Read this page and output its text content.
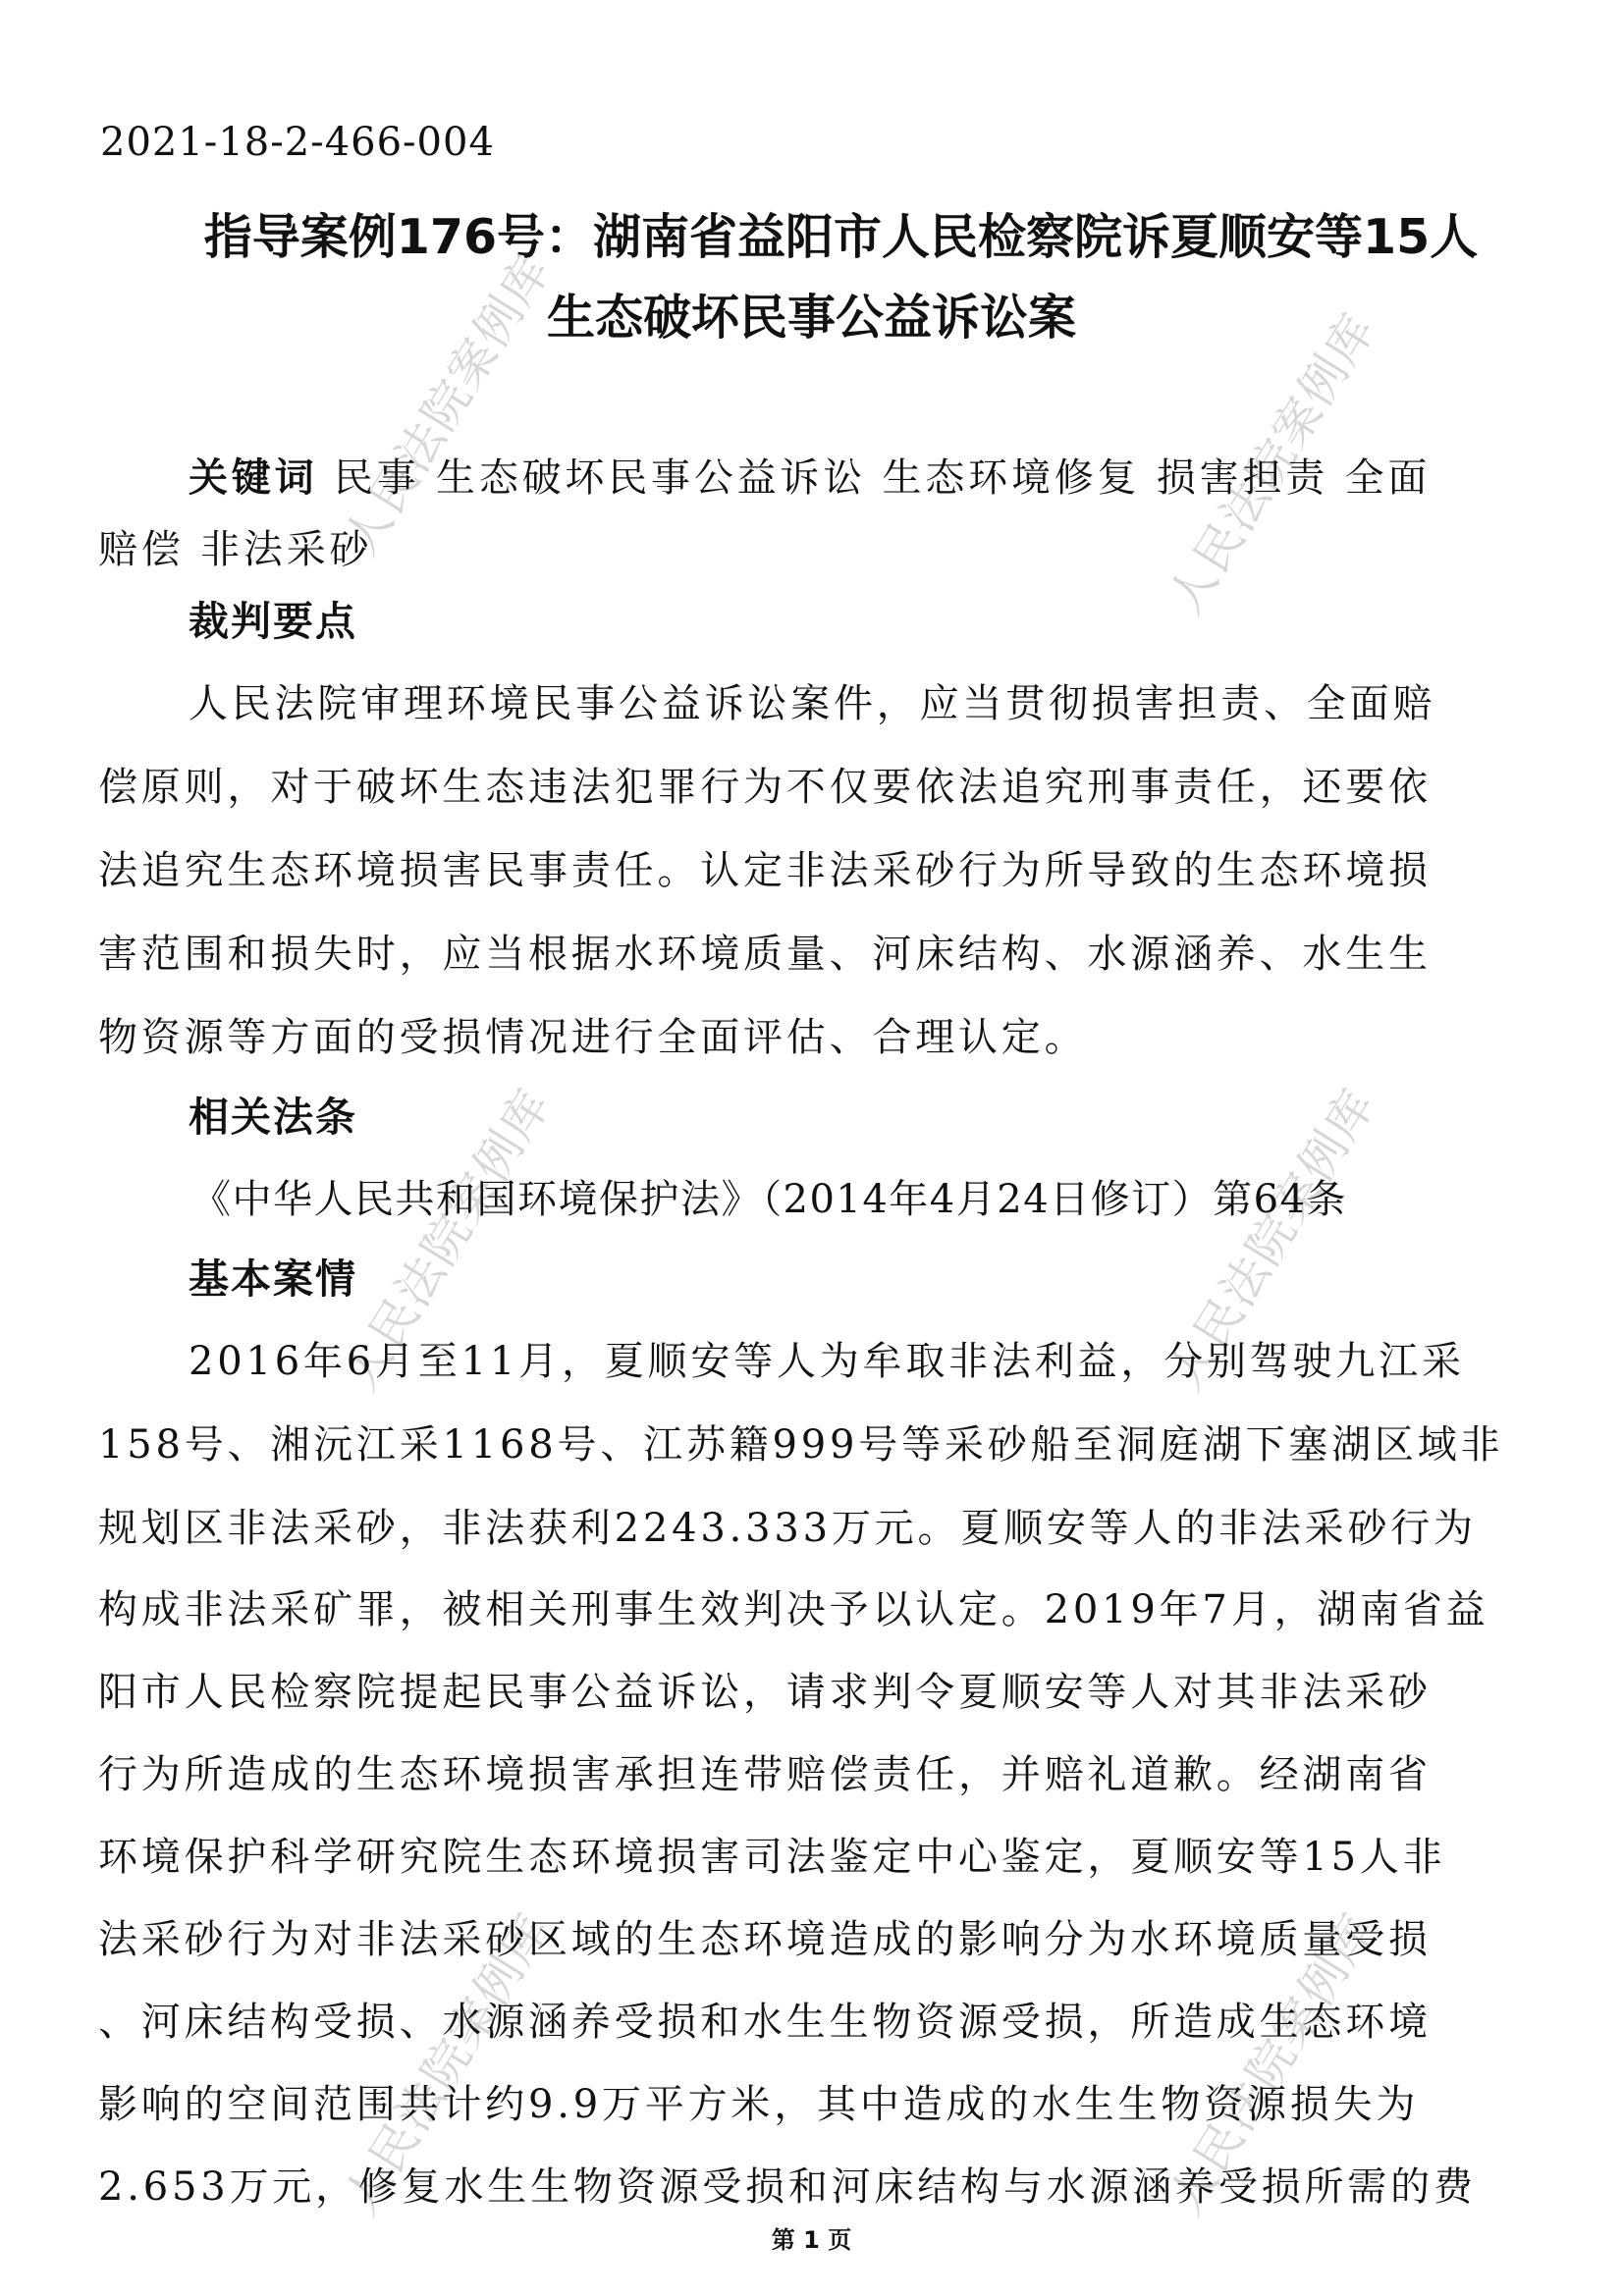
人民法院案例库	人民法院案例库
人民法院案例库	人民法院案例库
人民法院案例库	人民法院案例库
2021-18-2-466-004
指导案例176号：湖南省益阳市人民检察院诉夏顺安等15人
生态破坏民事公益诉讼案
关键词 民事 生态破坏民事公益诉讼 生态环境修复 损害担责 全面
赔偿 非法采砂
裁判要点
人民法院审理环境民事公益诉讼案件，应当贯彻损害担责、全面赔
偿原则，对于破坏生态违法犯罪行为不仅要依法追究刑事责任，还要依
法追究生态环境损害民事责任。认定非法采砂行为所导致的生态环境损
害范围和损失时，应当根据水环境质量、河床结构、水源涵养、水生生
物资源等方面的受损情况进行全面评估、合理认定。
相关法条
《中华人民共和国环境保护法》（2014年4月24日修订）第64条
基本案情
2016年6月至11月，夏顺安等人为牟取非法利益，分别驾驶九江采
158号、湘沅江采1168号、江苏籍999号等采砂船至洞庭湖下塞湖区域非
规划区非法采砂，非法获利2243.333万元。夏顺安等人的非法采砂行为
构成非法采矿罪，被相关刑事生效判决予以认定。2019年7月，湖南省益
阳市人民检察院提起民事公益诉讼，请求判令夏顺安等人对其非法采砂
行为所造成的生态环境损害承担连带赔偿责任，并赔礼道歉。经湖南省
环境保护科学研究院生态环境损害司法鉴定中心鉴定，夏顺安等15人非
法采砂行为对非法采砂区域的生态环境造成的影响分为水环境质量受损
、河床结构受损、水源涵养受损和水生生物资源受损，所造成生态环境
影响的空间范围共计约9.9万平方米，其中造成的水生生物资源损失为
2.653万元，修复水生生物资源受损和河床结构与水源涵养受损所需的费
第 1 页
